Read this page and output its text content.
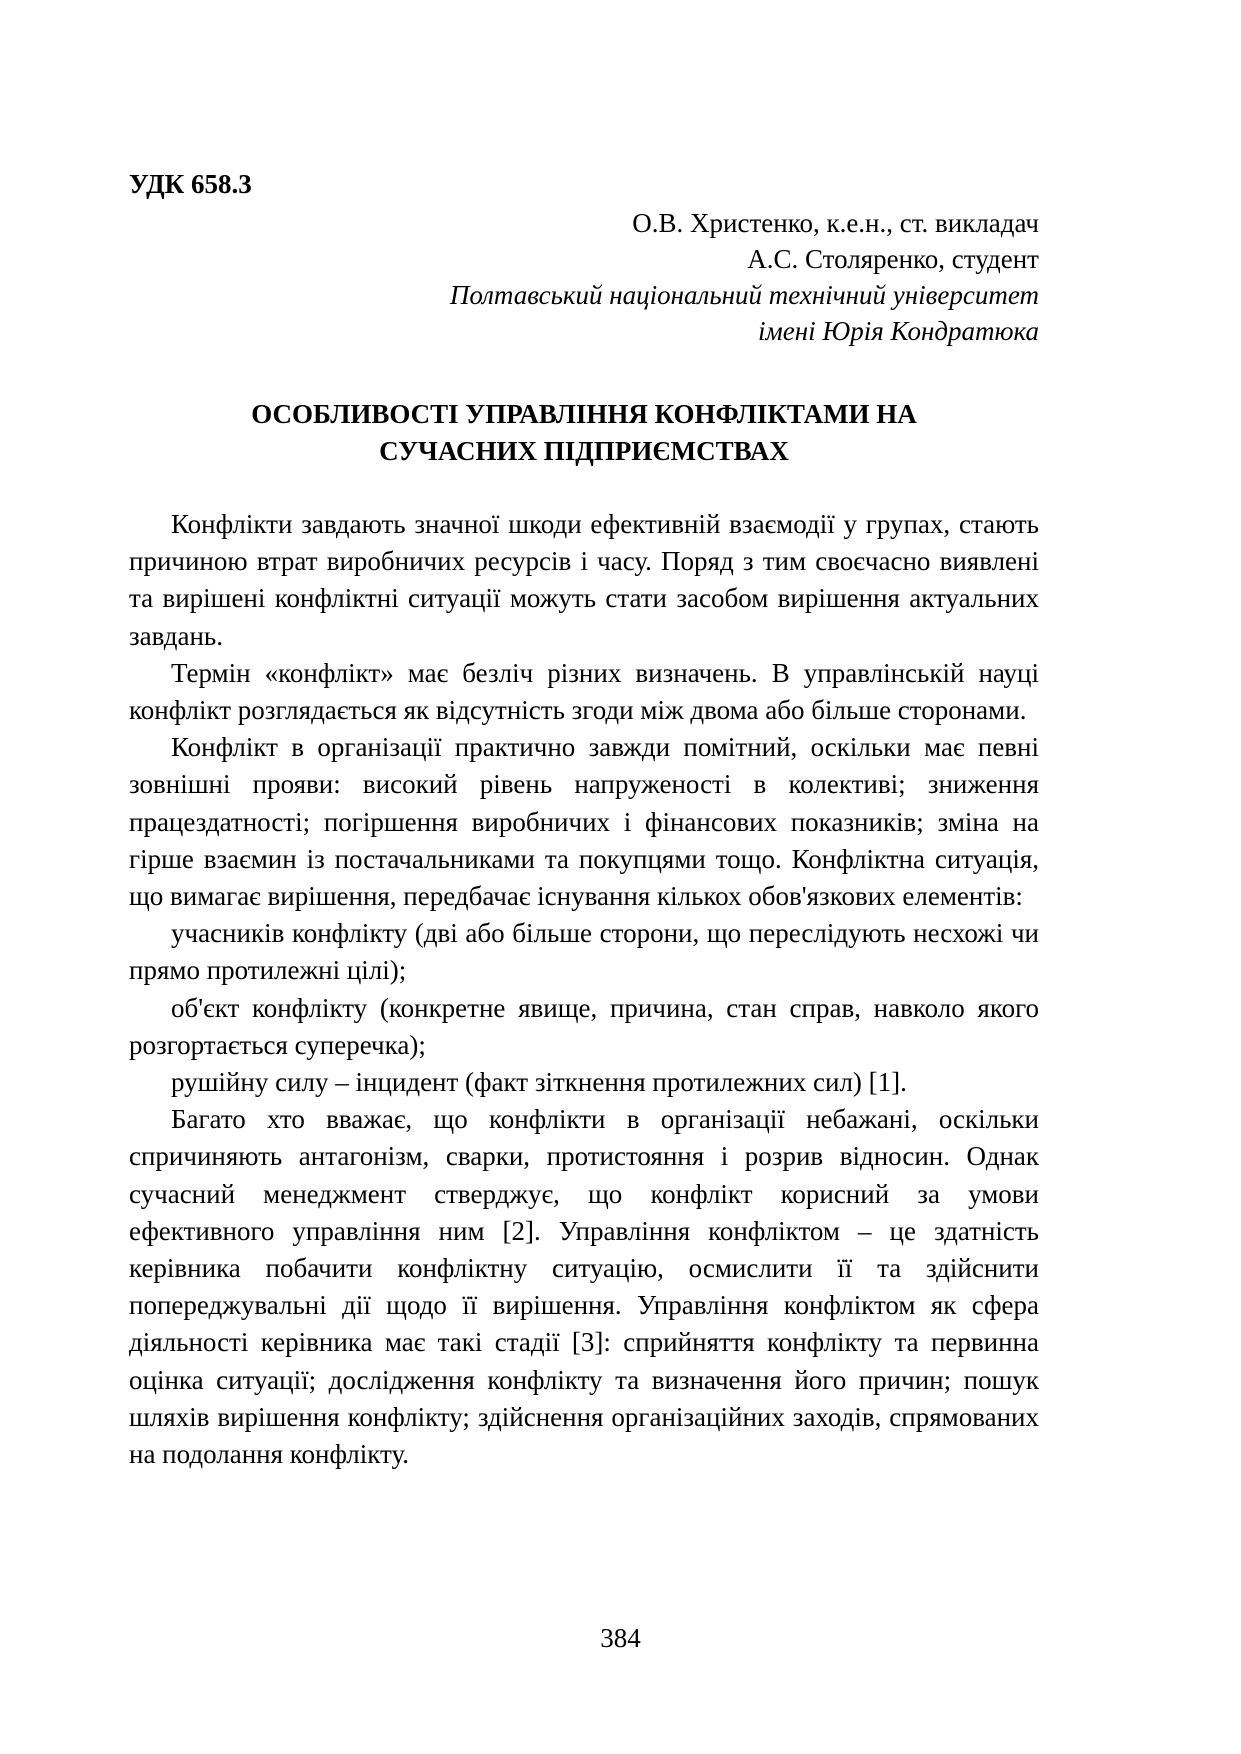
УДК 658.3

О.В. Христенко, к.е.н., ст. викладач

А.С. Столяренко, студент

Полтавський національний технічний університет

імені Юрія Кондратюка

ОСОБЛИВОСТІ УПРАВЛІННЯ КОНФЛІКТАМИ НА
СУЧАСНИХ ПІДПРИЄМСТВАХ

Конфлікти завдають значної шкоди ефективній взаємодії у групах, стають причиною втрат виробничих ресурсів і часу. Поряд з тим своєчасно виявлені та вирішені конфліктні ситуації можуть стати засобом вирішення актуальних завдань.

Термін «конфлікт» має безліч різних визначень. В управлінській науці конфлікт розглядається як відсутність згоди між двома або більше сторонами.

Конфлікт в організації практично завжди помітний, оскільки має певні зовнішні прояви: високий рівень напруженості в колективі; зниження працездатності; погіршення виробничих і фінансових показників; зміна на гірше взаємин із постачальниками та покупцями тощо. Конфліктна ситуація, що вимагає вирішення, передбачає існування кількох обов'язкових елементів:

учасників конфлікту (дві або більше сторони, що переслідують несхожі чи прямо протилежні цілі);

об'єкт конфлікту (конкретне явище, причина, стан справ, навколо якого розгортається суперечка);

рушійну силу – інцидент (факт зіткнення протилежних сил) [1].

Багато хто вважає, що конфлікти в організації небажані, оскільки спричиняють антагонізм, сварки, протистояння і розрив відносин. Однак сучасний менеджмент стверджує, що конфлікт корисний за умови ефективного управління ним [2]. Управління конфліктом – це здатність керівника побачити конфліктну ситуацію, осмислити її та здійснити попереджувальні дії щодо її вирішення. Управління конфліктом як сфера діяльності керівника має такі стадії [3]: сприйняття конфлікту та первинна оцінка ситуації; дослідження конфлікту та визначення його причин; пошук шляхів вирішення конфлікту; здійснення організаційних заходів, спрямованих на подолання конфлікту.

384
